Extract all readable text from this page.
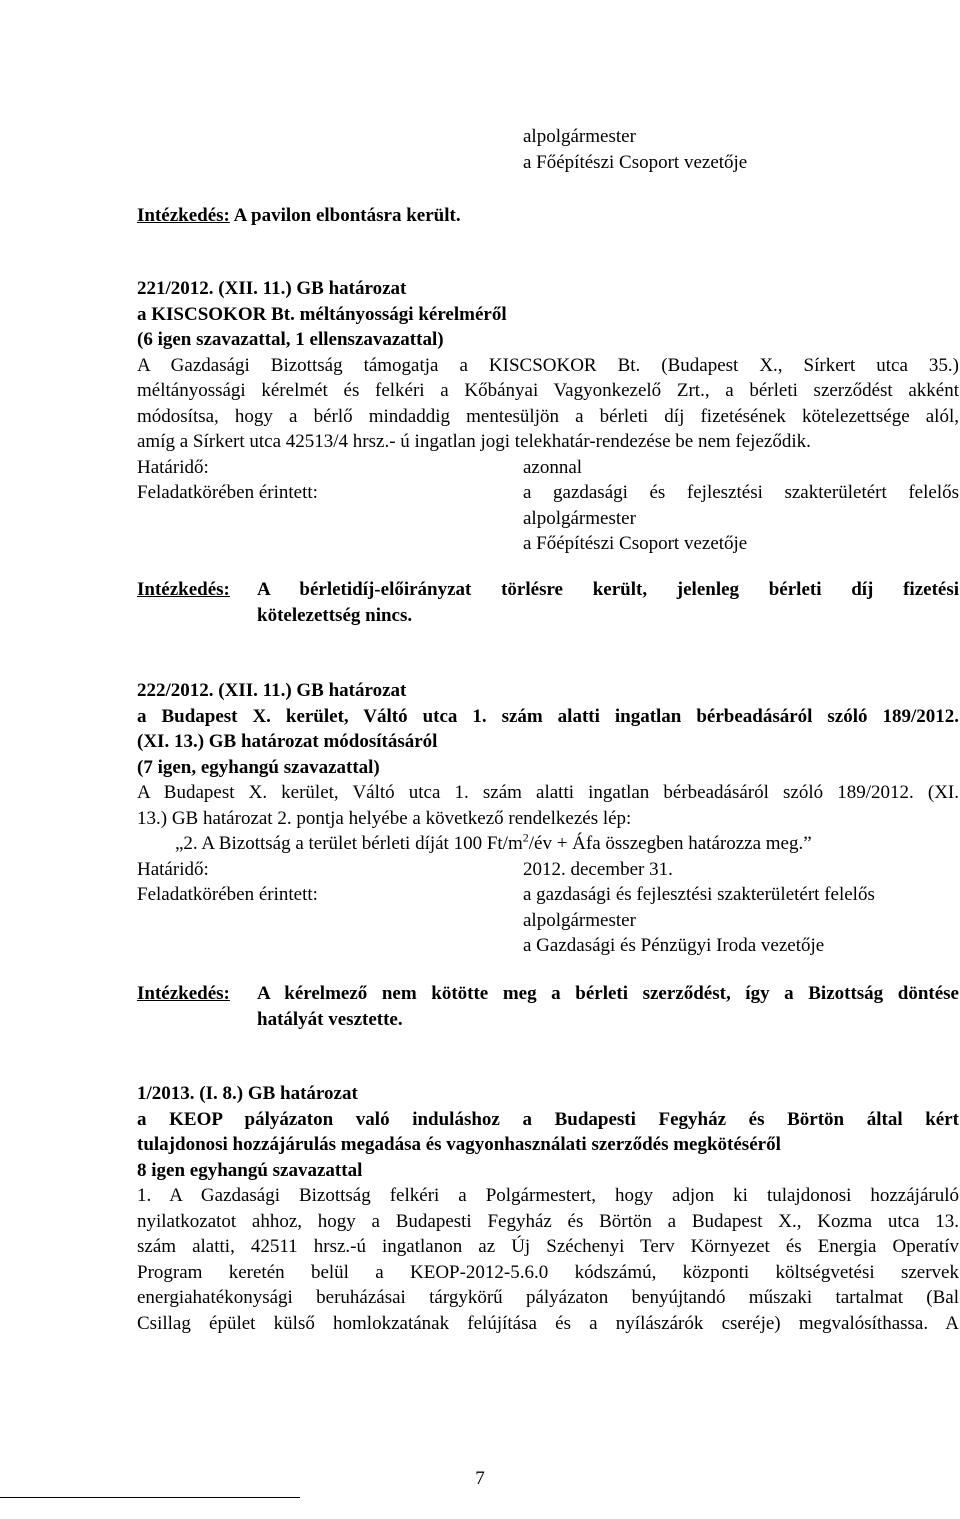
alpolgármester
a Főépítészi Csoport vezetője
Intézkedés: A pavilon elbontásra került.
221/2012. (XII. 11.) GB határozat
a KISCSOKOR Bt. méltányossági kérelméről
(6 igen szavazattal, 1 ellenszavazattal)
A Gazdasági Bizottság támogatja a KISCSOKOR Bt. (Budapest X., Sírkert utca 35.)
méltányossági kérelmét és felkéri a Kőbányai Vagyonkezelő Zrt., a bérleti szerződést akként
módosítsa, hogy a bérlő mindaddig mentesüljön a bérleti díj fizetésének kötelezettsége alól,
amíg a Sírkert utca 42513/4 hrsz.- ú ingatlan jogi telekhatár-rendezése be nem fejeződik.
Határidő:	azonnal
Feladatkörében érintett:	a gazdasági és fejlesztési szakterületért felelős
alpolgármester
a Főépítészi Csoport vezetője
Intézkedés: A bérletidíj-előirányzat törlésre került, jelenleg bérleti díj fizetési
kötelezettség nincs.
222/2012. (XII. 11.) GB határozat
a Budapest X. kerület, Váltó utca 1. szám alatti ingatlan bérbeadásáról szóló 189/2012.
(XI. 13.) GB határozat módosításáról
(7 igen, egyhangú szavazattal)
A Budapest X. kerület, Váltó utca 1. szám alatti ingatlan bérbeadásáról szóló 189/2012. (XI.
13.) GB határozat 2. pontja helyébe a következő rendelkezés lép:
„2. A Bizottság a terület bérleti díját 100 $Ft/m^2/év$ + Áfa összegben határozza meg.”
Határidő:	2012. december 31.
Feladatkörében érintett:	a gazdasági és fejlesztési szakterületért felelős
alpolgármester
a Gazdasági és Pénzügyi Iroda vezetője
Intézkedés: A kérelmező nem kötötte meg a bérleti szerződést, így a Bizottság döntése
hatályát vesztette.
1/2013. (I. 8.) GB határozat
a KEOP pályázaton való induláshoz a Budapesti Fegyház és Börtön által kért
tulajdonosi hozzájárulás megadása és vagyonhasználati szerződés megkötéséről
8 igen egyhangú szavazattal
1. A Gazdasági Bizottság felkéri a Polgármestert, hogy adjon ki tulajdonosi hozzájáruló
nyilatkozatot ahhoz, hogy a Budapesti Fegyház és Börtön a Budapest X., Kozma utca 13.
szám alatti, 42511 hrsz.-ú ingatlanon az Új Széchenyi Terv Környezet és Energia Operatív
Program keretén belül a KEOP-2012-5.6.0 kódszámú, központi költségvetési szervek
energiahatékonysági beruházásai tárgykörű pályázaton benyújtandó műszaki tartalmat (Bal
Csillag épület külső homlokzatának felújítása és a nyílászárók cseréje) megvalósíthassa. A
7
